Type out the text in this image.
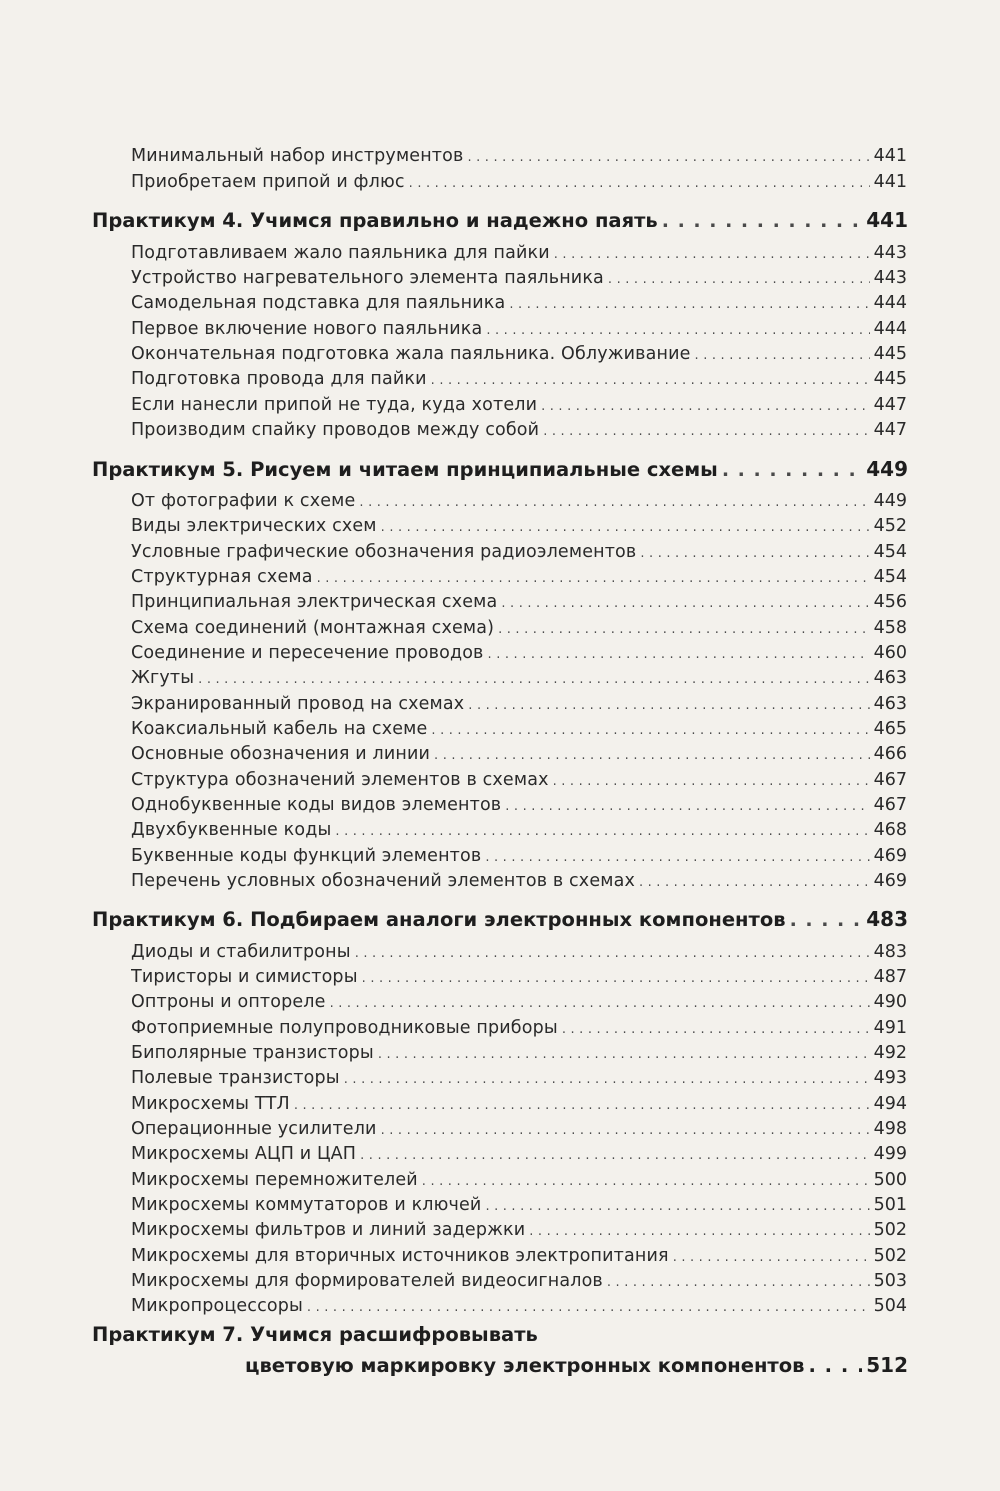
Минимальный набор инструментов . . .	441
Приобретаем припой и флюс . . .	441
Практикум 4. Учимся правильно и надежно паять . . .	441
Подготавливаем жало паяльника для пайки . . .	443
Устройство нагревательного элемента паяльника . . .	443
Самодельная подставка для паяльника . . .	444
Первое включение нового паяльника . . .	444
Окончательная подготовка жала паяльника. Облуживание . . .	445
Подготовка провода для пайки . . .	445
Если нанесли припой не туда, куда хотели . . .	447
Производим спайку проводов между собой . . .	447
Практикум 5. Рисуем и читаем принципиальные схемы . . .	449
От фотографии к схеме . . .	449
Виды электрических схем . . .	452
Условные графические обозначения радиоэлементов . . .	454
Структурная схема . . .	454
Принципиальная электрическая схема . . .	456
Схема соединений (монтажная схема) . . .	458
Соединение и пересечение проводов . . .	460
Жгуты . . .	463
Экранированный провод на схемах . . .	463
Коаксиальный кабель на схеме . . .	465
Основные обозначения и линии . . .	466
Структура обозначений элементов в схемах . . .	467
Однобуквенные коды видов элементов . . .	467
Двухбуквенные коды . . .	468
Буквенные коды функций элементов . . .	469
Перечень условных обозначений элементов в схемах . . .	469
Практикум 6. Подбираем аналоги электронных компонентов . . .	483
Диоды и стабилитроны . . .	483
Тиристоры и симисторы . . .	487
Оптроны и оптореле . . .	490
Фотоприемные полупроводниковые приборы . . .	491
Биполярные транзисторы . . .	492
Полевые транзисторы . . .	493
Микросхемы ТТЛ . . .	494
Операционные усилители . . .	498
Микросхемы АЦП и ЦАП . . .	499
Микросхемы перемножителей . . .	500
Микросхемы коммутаторов и ключей . . .	501
Микросхемы фильтров и линий задержки . . .	502
Микросхемы для вторичных источников электропитания . . .	502
Микросхемы для формирователей видеосигналов . . .	503
Микропроцессоры . . .	504
Практикум 7. Учимся расшифровывать
цветовую маркировку электронных компонентов . . .	512
